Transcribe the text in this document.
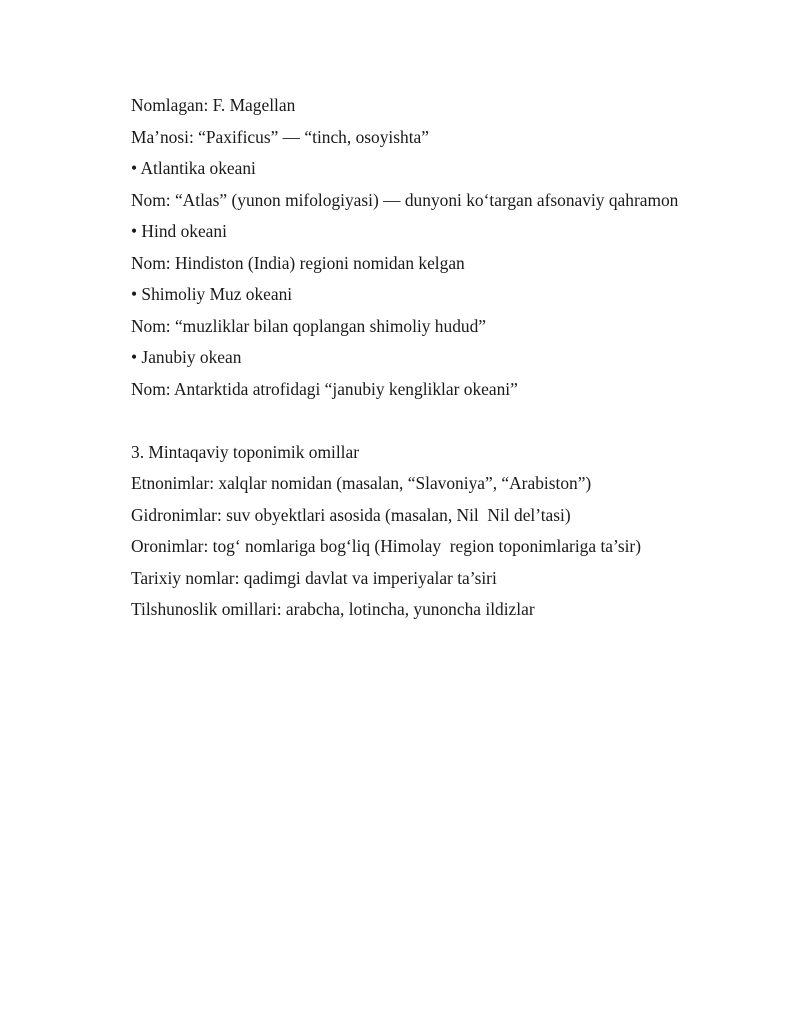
Nomlagan: F. Magellan
Ma’nosi: “Paxificus” — “tinch, osoyishta”
• Atlantika okeani
Nom: “Atlas” (yunon mifologiyasi) — dunyoni ko‘targan afsonaviy qahramon
• Hind okeani
Nom: Hindiston (India) regioni nomidan kelgan
• Shimoliy Muz okeani
Nom: “muzliklar bilan qoplangan shimoliy hudud”
• Janubiy okean
Nom: Antarktida atrofidagi “janubiy kengliklar okeani”
3. Mintaqaviy toponimik omillar
Etnonimlar: xalqlar nomidan (masalan, “Slavoniya”, “Arabiston”)
Gidronimlar: suv obyektlari asosida (masalan, Nil  Nil del’tasi)
Oronimlar: tog‘ nomlariga bog‘liq (Himolay  region toponimlariga ta’sir)
Tarixiy nomlar: qadimgi davlat va imperiyalar ta’siri
Tilshunoslik omillari: arabcha, lotincha, yunoncha ildizlar
